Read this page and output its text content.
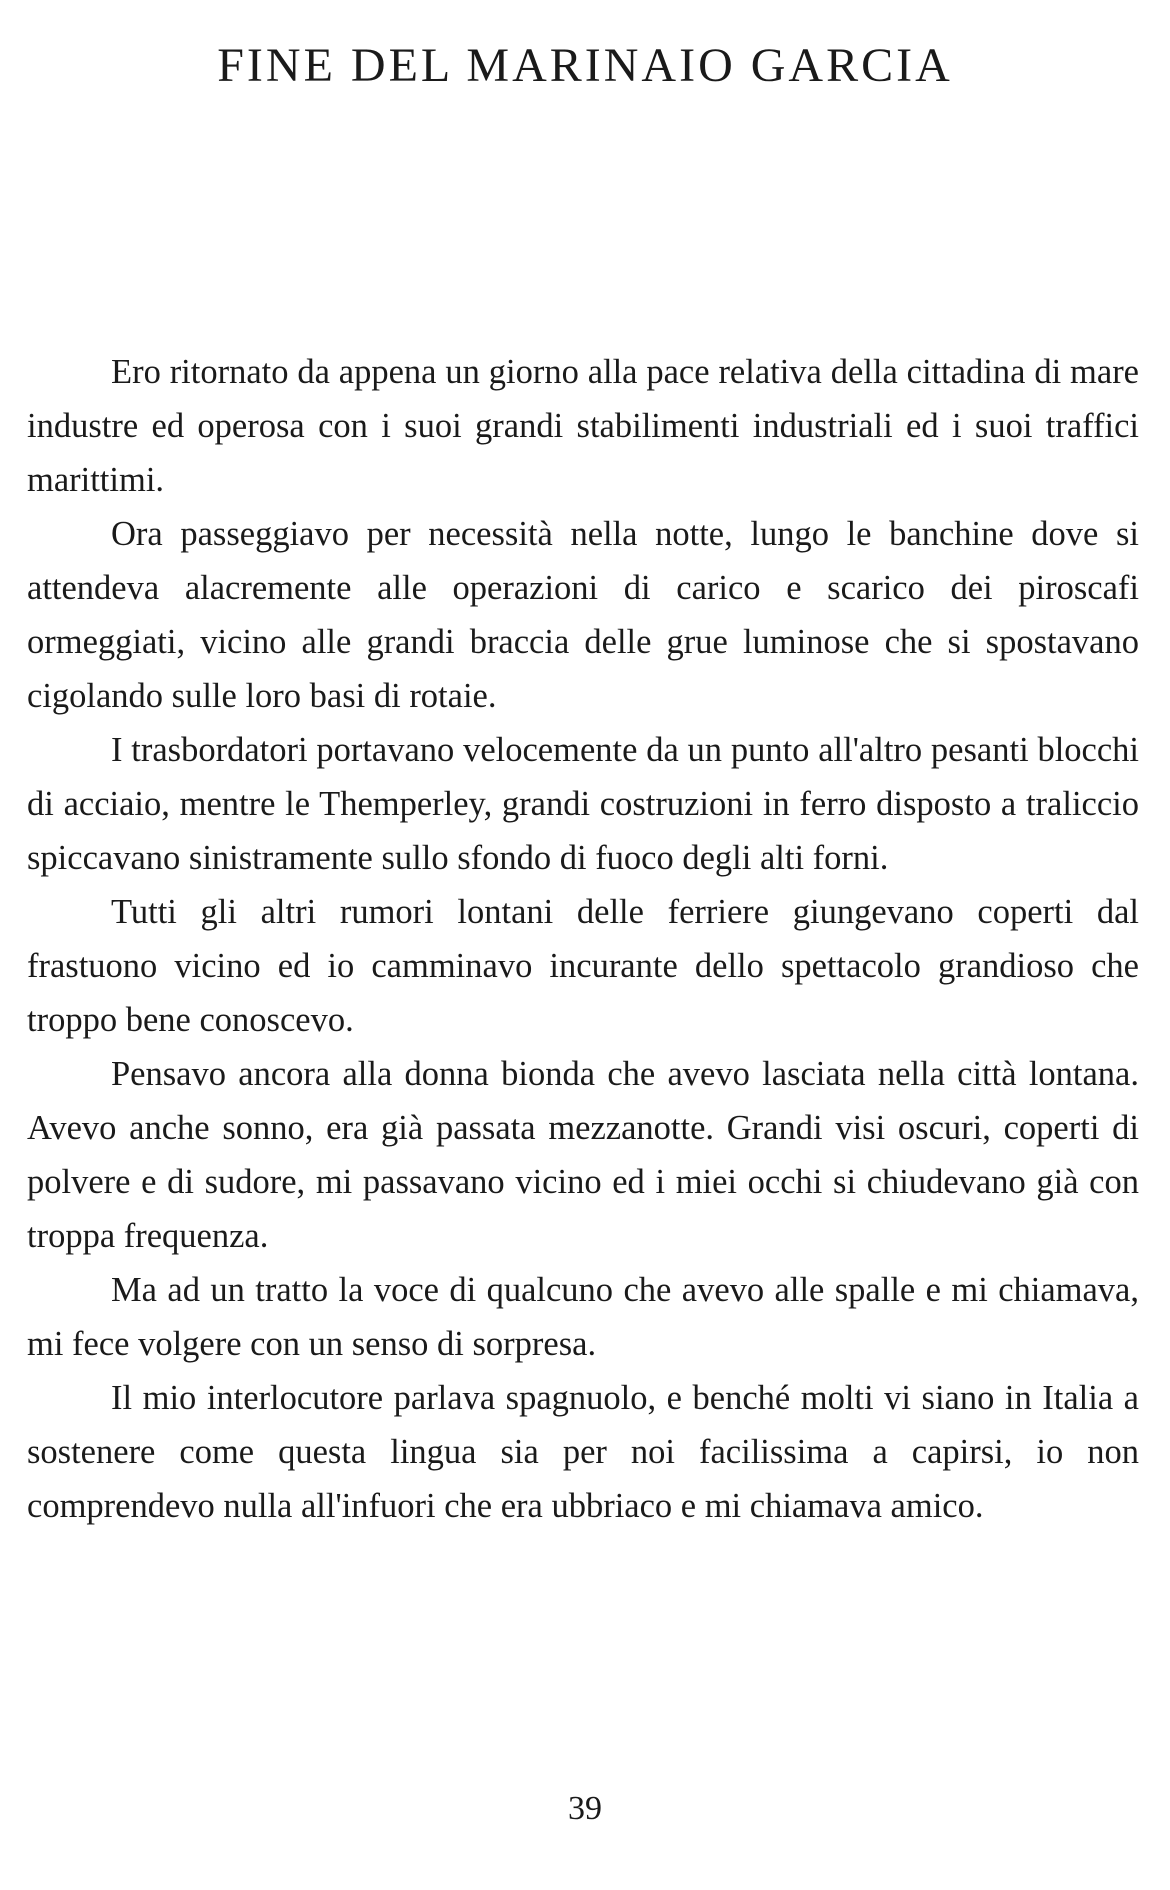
FINE DEL MARINAIO GARCIA

Ero ritornato da appena un giorno alla pace relativa della cittadina di mare industre ed operosa con i suoi grandi stabilimenti industriali ed i suoi traffici marittimi.

Ora passeggiavo per necessità nella notte, lungo le banchine dove si attendeva alacremente alle operazioni di carico e scarico dei piroscafi ormeggiati, vicino alle grandi braccia delle grue luminose che si spostavano cigolando sulle loro basi di rotaie.

I trasbordatori portavano velocemente da un punto all'altro pesanti blocchi di acciaio, mentre le Themperley, grandi costruzioni in ferro disposto a traliccio spiccavano sinistramente sullo sfondo di fuoco degli alti forni.

Tutti gli altri rumori lontani delle ferriere giungevano coperti dal frastuono vicino ed io camminavo incurante dello spettacolo grandioso che troppo bene conoscevo.

Pensavo ancora alla donna bionda che avevo lasciata nella città lontana. Avevo anche sonno, era già passata mezzanotte. Grandi visi oscuri, coperti di polvere e di sudore, mi passavano vicino ed i miei occhi si chiudevano già con troppa frequenza.

Ma ad un tratto la voce di qualcuno che avevo alle spalle e mi chiamava, mi fece volgere con un senso di sorpresa.

Il mio interlocutore parlava spagnuolo, e benché molti vi siano in Italia a sostenere come questa lingua sia per noi facilissima a capirsi, io non comprendevo nulla all'infuori che era ubbriaco e mi chiamava amico.

39
